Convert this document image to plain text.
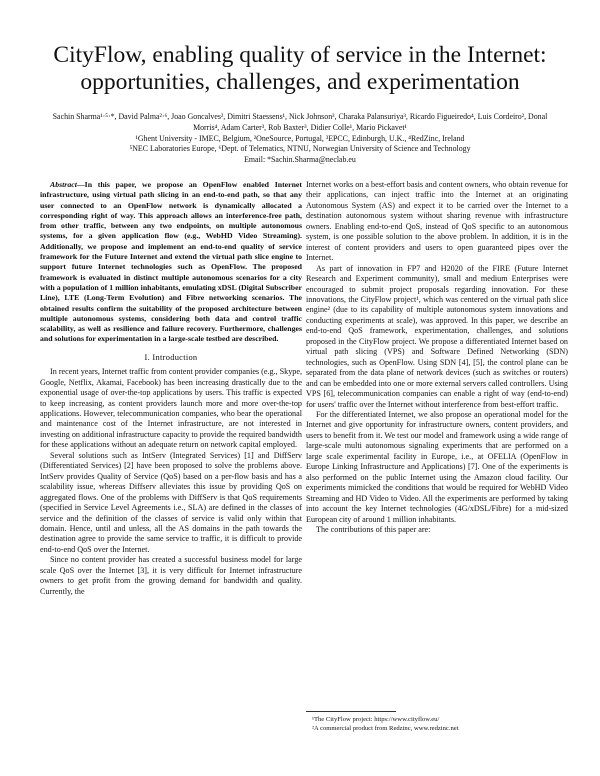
CityFlow, enabling quality of service in the Internet: opportunities, challenges, and experimentation

Sachin Sharma¹·⁵·*, David Palma²·⁶, Joao Goncalves², Dimitri Staessens¹, Nick Johnson³, Charaka Palansuriya³, Ricardo Figueiredo⁴, Luis Cordeiro², Donal Morris⁴, Adam Carter³, Rob Baxter³, Didier Colle¹, Mario Pickavet¹

¹Ghent University - IMEC, Belgium, ²OneSource, Portugal, ³EPCC, Edinburgh, U.K., ⁴RedZinc, Ireland

⁵NEC Laboratories Europe, ⁶Dept. of Telematics, NTNU, Norwegian University of Science and Technology

Email: *Sachin.Sharma@neclab.eu

Abstract—In this paper, we propose an OpenFlow enabled Internet infrastructure, using virtual path slicing in an end-to-end path, so that any user connected to an OpenFlow network is dynamically allocated a corresponding right of way. This approach allows an interference-free path, from other traffic, between any two endpoints, on multiple autonomous systems, for a given application flow (e.g., WebHD Video Streaming). Additionally, we propose and implement an end-to-end quality of service framework for the Future Internet and extend the virtual path slice engine to support future Internet technologies such as OpenFlow. The proposed framework is evaluated in distinct multiple autonomous scenarios for a city with a population of 1 million inhabitants, emulating xDSL (Digital Subscriber Line), LTE (Long-Term Evolution) and Fibre networking scenarios. The obtained results confirm the suitability of the proposed architecture between multiple autonomous systems, considering both data and control traffic scalability, as well as resilience and failure recovery. Furthermore, challenges and solutions for experimentation in a large-scale testbed are described.

I. Introduction

In recent years, Internet traffic from content provider companies (e.g., Skype, Google, Netflix, Akamai, Facebook) has been increasing drastically due to the exponential usage of over-the-top applications by users. This traffic is expected to keep increasing, as content providers launch more and more over-the-top applications. However, telecommunication companies, who bear the operational and maintenance cost of the Internet infrastructure, are not interested in investing on additional infrastructure capacity to provide the required bandwidth for these applications without an adequate return on network capital employed.

Several solutions such as IntServ (Integrated Services) [1] and DiffServ (Differentiated Services) [2] have been proposed to solve the problems above. IntServ provides Quality of Service (QoS) based on a per-flow basis and has a scalability issue, whereas Diffserv alleviates this issue by providing QoS on aggregated flows. One of the problems with DiffServ is that QoS requirements (specified in Service Level Agreements i.e., SLA) are defined in the classes of service and the definition of the classes of service is valid only within that domain. Hence, until and unless, all the AS domains in the path towards the destination agree to provide the same service to traffic, it is difficult to provide end-to-end QoS over the Internet.

Since no content provider has created a successful business model for large scale QoS over the Internet [3], it is very difficult for Internet infrastructure owners to get profit from the growing demand for bandwidth and quality. Currently, the

Internet works on a best-effort basis and content owners, who obtain revenue for their applications, can inject traffic into the Internet at an originating Autonomous System (AS) and expect it to be carried over the Internet to a destination autonomous system without sharing revenue with infrastructure owners. Enabling end-to-end QoS, instead of QoS specific to an autonomous system, is one possible solution to the above problem. In addition, it is in the interest of content providers and users to open guaranteed pipes over the Internet.

As part of innovation in FP7 and H2020 of the FIRE (Future Internet Research and Experiment community), small and medium Enterprises were encouraged to submit project proposals regarding innovation. For these innovations, the CityFlow project¹, which was centered on the virtual path slice engine² (due to its capability of multiple autonomous system innovations and conducting experiments at scale), was approved. In this paper, we describe an end-to-end QoS framework, experimentation, challenges, and solutions proposed in the CityFlow project. We propose a differentiated Internet based on virtual path slicing (VPS) and Software Defined Networking (SDN) technologies, such as OpenFlow. Using SDN [4], [5], the control plane can be separated from the data plane of network devices (such as switches or routers) and can be embedded into one or more external servers called controllers. Using VPS [6], telecommunication companies can enable a right of way (end-to-end) for users' traffic over the Internet without interference from best-effort traffic.

For the differentiated Internet, we also propose an operational model for the Internet and give opportunity for infrastructure owners, content providers, and users to benefit from it. We test our model and framework using a wide range of large-scale multi autonomous signaling experiments that are performed on a large scale experimental facility in Europe, i.e., at OFELIA (OpenFlow in Europe Linking Infrastructure and Applications) [7]. One of the experiments is also performed on the public Internet using the Amazon cloud facility. Our experiments mimicked the conditions that would be required for WebHD Video Streaming and HD Video to Video. All the experiments are performed by taking into account the key Internet technologies (4G/xDSL/Fibre) for a mid-sized European city of around 1 million inhabitants.

The contributions of this paper are:

¹The CityFlow project: https://www.cityflow.eu/

²A commercial product from Redzinc, www.redzinc.net
